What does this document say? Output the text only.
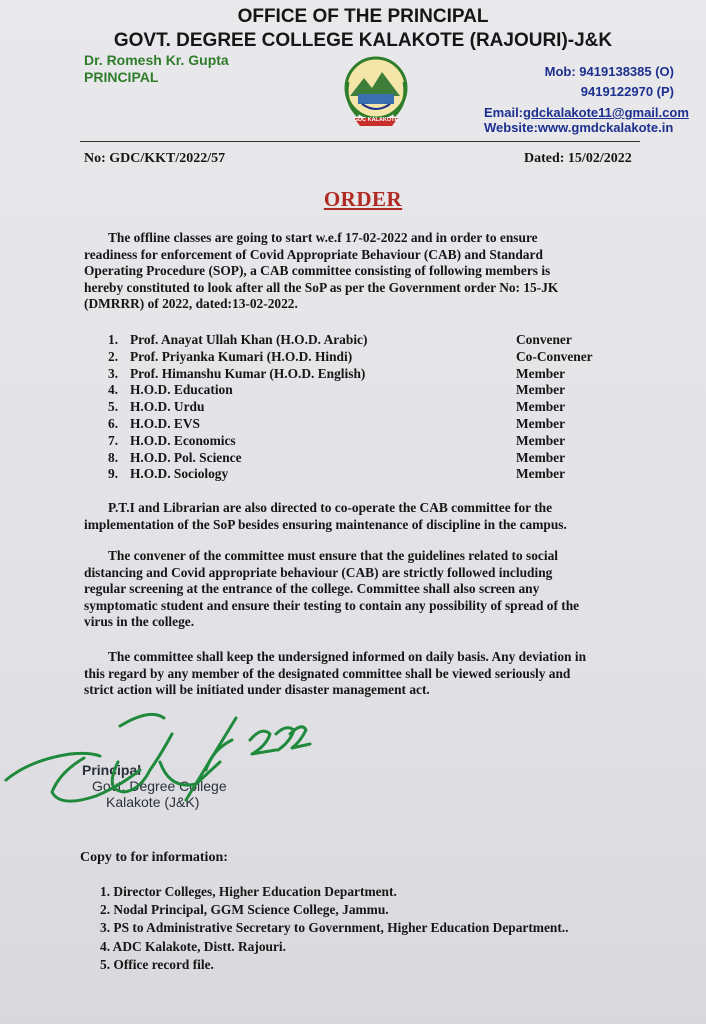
OFFICE OF THE PRINCIPAL
GOVT. DEGREE COLLEGE KALAKOTE (RAJOURI)-J&K
Dr. Romesh Kr. Gupta
PRINCIPAL
GDC KALAKOTE
Mob: 9419138385 (O)
9419122970 (P)
Email:gdckalakote11@gmail.com
Website:www.gmdckalakote.in
No: GDC/KKT/2022/57	Dated: 15/02/2022
ORDER
The offline classes are going to start w.e.f 17-02-2022 and in order to ensure
readiness for enforcement of Covid Appropriate Behaviour (CAB) and Standard
Operating Procedure (SOP), a CAB committee consisting of following members is
hereby constituted to look after all the SoP as per the Government order No: 15-JK
(DMRRR) of 2022, dated:13-02-2022.
1. Prof. Anayat Ullah Khan (H.O.D. Arabic)	Convener
2. Prof. Priyanka Kumari (H.O.D. Hindi)	Co-Convener
3. Prof. Himanshu Kumar (H.O.D. English)	Member
4. H.O.D. Education	Member
5. H.O.D. Urdu	Member
6. H.O.D. EVS	Member
7. H.O.D. Economics	Member
8. H.O.D. Pol. Science	Member
9. H.O.D. Sociology	Member
P.T.I and Librarian are also directed to co-operate the CAB committee for the
implementation of the SoP besides ensuring maintenance of discipline in the campus.
The convener of the committee must ensure that the guidelines related to social
distancing and Covid appropriate behaviour (CAB) are strictly followed including
regular screening at the entrance of the college. Committee shall also screen any
symptomatic student and ensure their testing to contain any possibility of spread of the
virus in the college.
The committee shall keep the undersigned informed on daily basis. Any deviation in
this regard by any member of the designated committee shall be viewed seriously and
strict action will be initiated under disaster management act.
Principal
Govt. Degree College
Kalakote (J&K)
Copy to for information:
1. Director Colleges, Higher Education Department.
2. Nodal Principal, GGM Science College, Jammu.
3. PS to Administrative Secretary to Government, Higher Education Department..
4. ADC Kalakote, Distt. Rajouri.
5. Office record file.
